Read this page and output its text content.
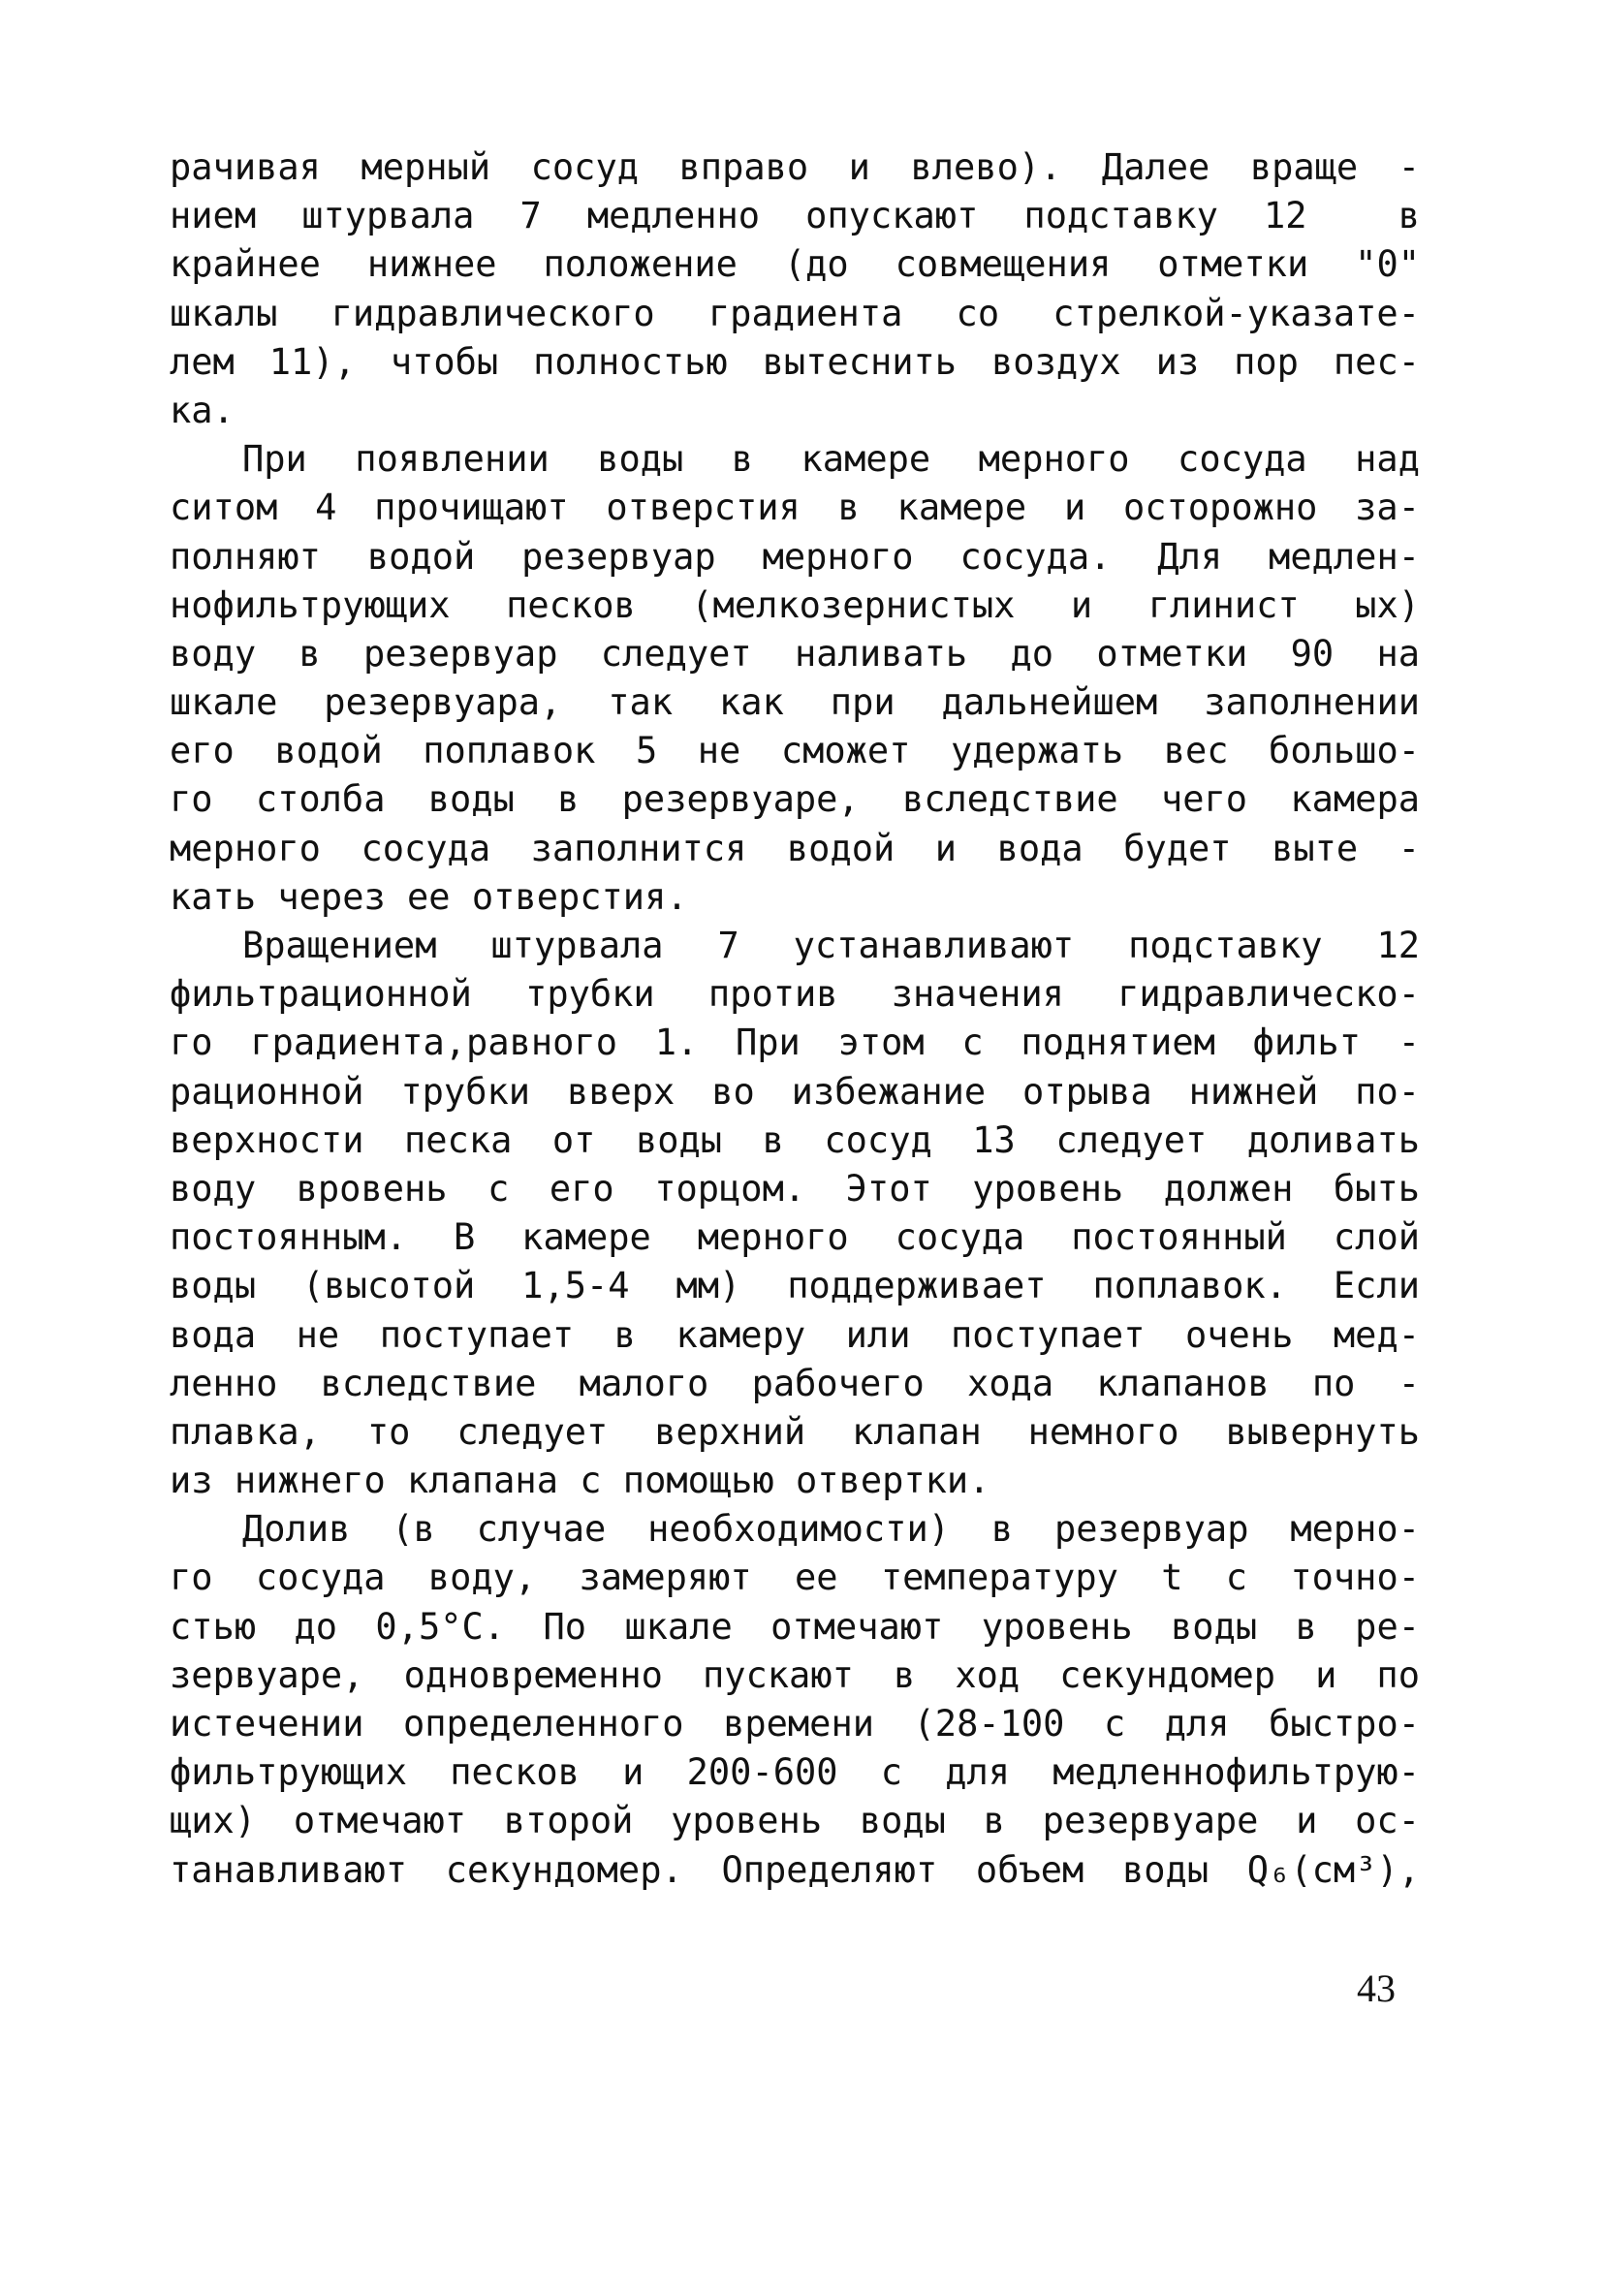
рачивая мерный сосуд вправо и влево). Далее враще -
нием штурвала 7 медленно опускают подставку 12  в
крайнее нижнее положение (до совмещения отметки "0"
шкалы гидравлического градиента со стрелкой-указате-
лем 11), чтобы полностью вытеснить воздух из пор пес-
ка.
При появлении воды в камере мерного сосуда над
ситом 4 прочищают отверстия в камере и осторожно за-
полняют водой резервуар мерного сосуда. Для медлен-
нофильтрующих песков (мелкозернистых и глинист ых)
воду в резервуар следует наливать до отметки 90 на
шкале резервуара, так как при дальнейшем заполнении
его водой поплавок 5 не сможет удержать вес большо-
го столба воды в резервуаре, вследствие чего камера
мерного сосуда заполнится водой и вода будет выте -
кать через ее отверстия.
Вращением штурвала 7 устанавливают подставку 12
фильтрационной трубки против значения гидравлическо-
го градиента,равного 1. При этом с поднятием фильт -
рационной трубки вверх во избежание отрыва нижней по-
верхности песка от воды в сосуд 13 следует доливать
воду вровень с его торцом. Этот уровень должен быть
постоянным. В камере мерного сосуда постоянный слой
воды (высотой 1,5-4 мм) поддерживает поплавок. Если
вода не поступает в камеру или поступает очень мед-
ленно вследствие малого рабочего хода клапанов по -
плавка, то следует верхний клапан немного вывернуть
из нижнего клапана с помощью отвертки.
Долив (в случае необходимости) в резервуар мерно-
го сосуда воду, замеряют ее температуру t с точно-
стью до 0,5°С. По шкале отмечают уровень воды в ре-
зервуаре, одновременно пускают в ход секундомер и по
истечении определенного времени (28-100 с для быстро-
фильтрующих песков и 200-600 с для медленнофильтрую-
щих) отмечают второй уровень воды в резервуаре и ос-
танавливают секундомер. Определяют объем воды Q₆(см³),
43
